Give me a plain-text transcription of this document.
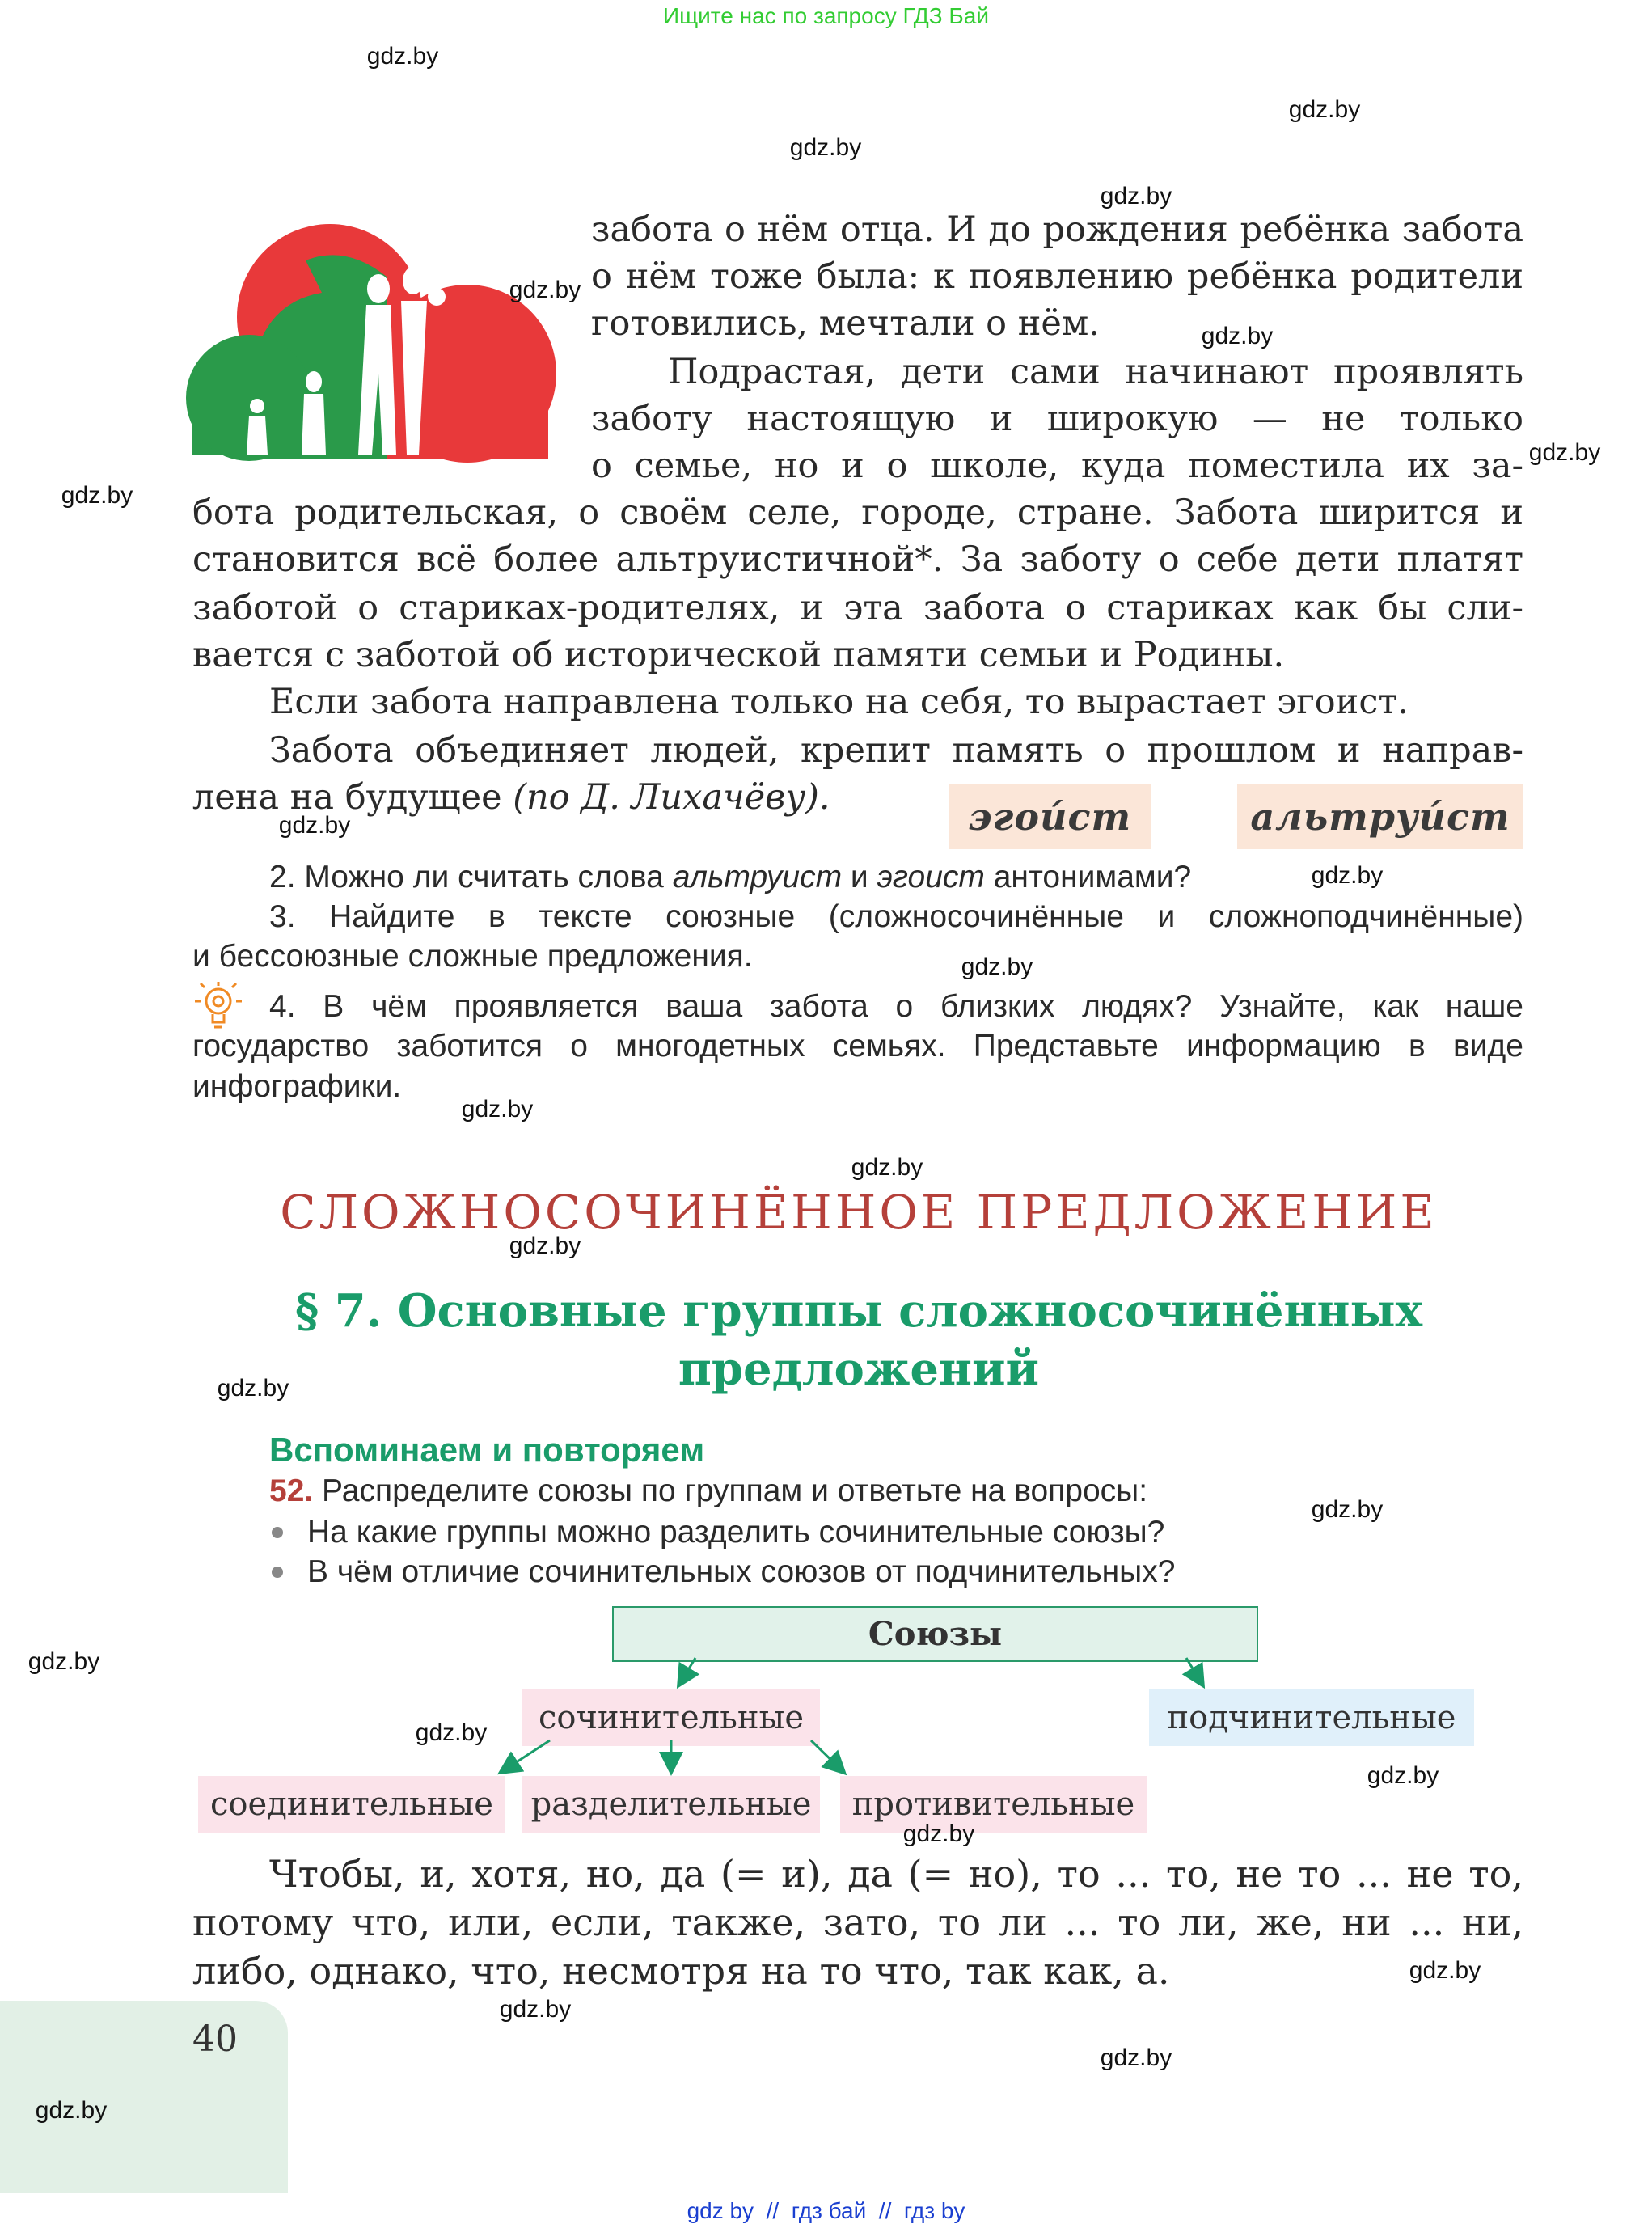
Ищите нас по запросу ГДЗ Бай
забота о нём отца. И до рождения ребёнка забота
о нём тоже была: к появлению ребёнка родители
готовились, мечтали о нём.
Подрастая, дети сами начинают проявлять
заботу настоящую и широкую — не только
о семье, но и о школе, куда поместила их за-
бота родительская, о своём селе, городе, стране. Забота ширится и
становится всё более альтруистичной*. За заботу о себе дети платят
заботой о стариках-родителях, и эта забота о стариках как бы сли-
вается с заботой об исторической памяти семьи и Родины.
Если забота направлена только на себя, то вырастает эгоист.
Забота объединяет людей, крепит память о прошлом и направ-
лена на будущее (по Д. Лихачёву).	эгои́ст	альтруи́ст
2. Можно ли считать слова альтруист и эгоист антонимами?
3. Найдите в тексте союзные (сложносочинённые и сложноподчинённые)
и бессоюзные сложные предложения.
4. В чём проявляется ваша забота о близких людях? Узнайте, как наше
государство заботится о многодетных семьях. Представьте информацию в виде
инфографики.
СЛОЖНОСОЧИНЁННОЕ ПРЕДЛОЖЕНИЕ
§ 7. Основные группы сложносочинённых
предложений
Вспоминаем и повторяем
52. Распределите союзы по группам и ответьте на вопросы:
На какие группы можно разделить сочинительные союзы?
В чём отличие сочинительных союзов от подчинительных?
Союзы
сочинительные	подчинительные
соединительные	разделительные	противительные
Чтобы, и, хотя, но, да (= и), да (= но), то ... то, не то ... не то,
потому что, или, если, также, зато, то ли ... то ли, же, ни ... ни,
либо, однако, что, несмотря на то что, так как, а.
40
gdz by  //  гдз бай  //  гдз by
gdz.by
gdz.by
gdz.by
gdz.by
gdz.by
gdz.by
gdz.by
gdz.by
gdz.by
gdz.by
gdz.by
gdz.by
gdz.by
gdz.by
gdz.by
gdz.by
gdz.by
gdz.by
gdz.by
gdz.by
gdz.by
gdz.by
gdz.by
gdz.by
